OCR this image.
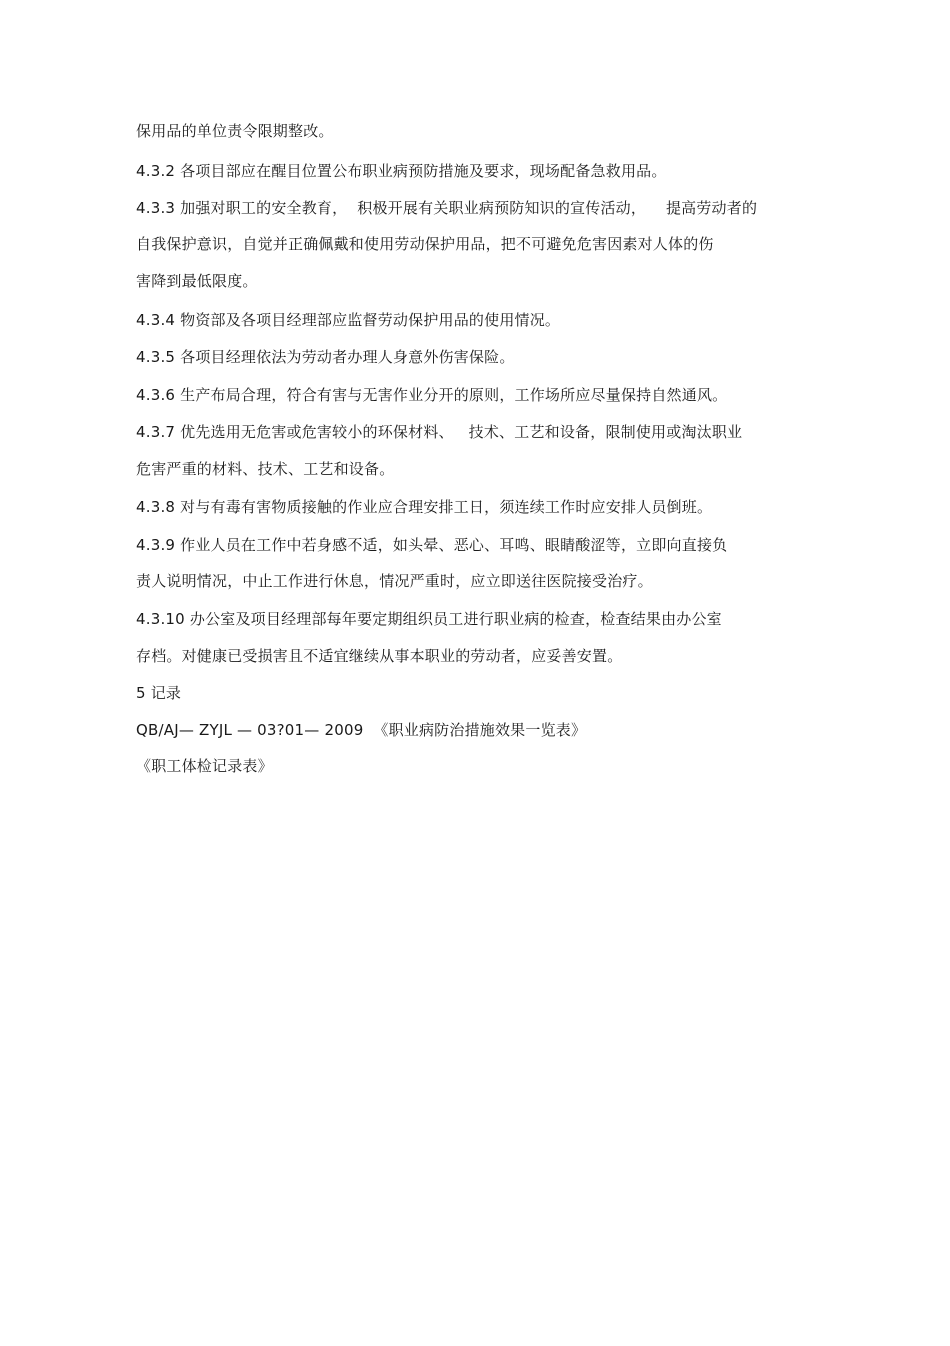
保用品的单位责令限期整改。
4.3.2 各项目部应在醒目位置公布职业病预防措施及要求，现场配备急救用品。
4.3.3 加强对职工的安全教育，  积极开展有关职业病预防知识的宣传活动，    提高劳动者的
自我保护意识，自觉并正确佩戴和使用劳动保护用品，把不可避免危害因素对人体的伤
害降到最低限度。
4.3.4 物资部及各项目经理部应监督劳动保护用品的使用情况。
4.3.5 各项目经理依法为劳动者办理人身意外伤害保险。
4.3.6 生产布局合理，符合有害与无害作业分开的原则，工作场所应尽量保持自然通风。
4.3.7 优先选用无危害或危害较小的环保材料、   技术、工艺和设备，限制使用或淘汰职业
危害严重的材料、技术、工艺和设备。
4.3.8 对与有毒有害物质接触的作业应合理安排工日，须连续工作时应安排人员倒班。
4.3.9 作业人员在工作中若身感不适，如头晕、恶心、耳鸣、眼睛酸涩等，立即向直接负
责人说明情况，中止工作进行休息，情况严重时，应立即送往医院接受治疗。
4.3.10 办公室及项目经理部每年要定期组织员工进行职业病的检查，检查结果由办公室
存档。对健康已受损害且不适宜继续从事本职业的劳动者，应妥善安置。
5 记录
QB/AJ— ZYJL — 03?01— 2009  《职业病防治措施效果一览表》
《职工体检记录表》
